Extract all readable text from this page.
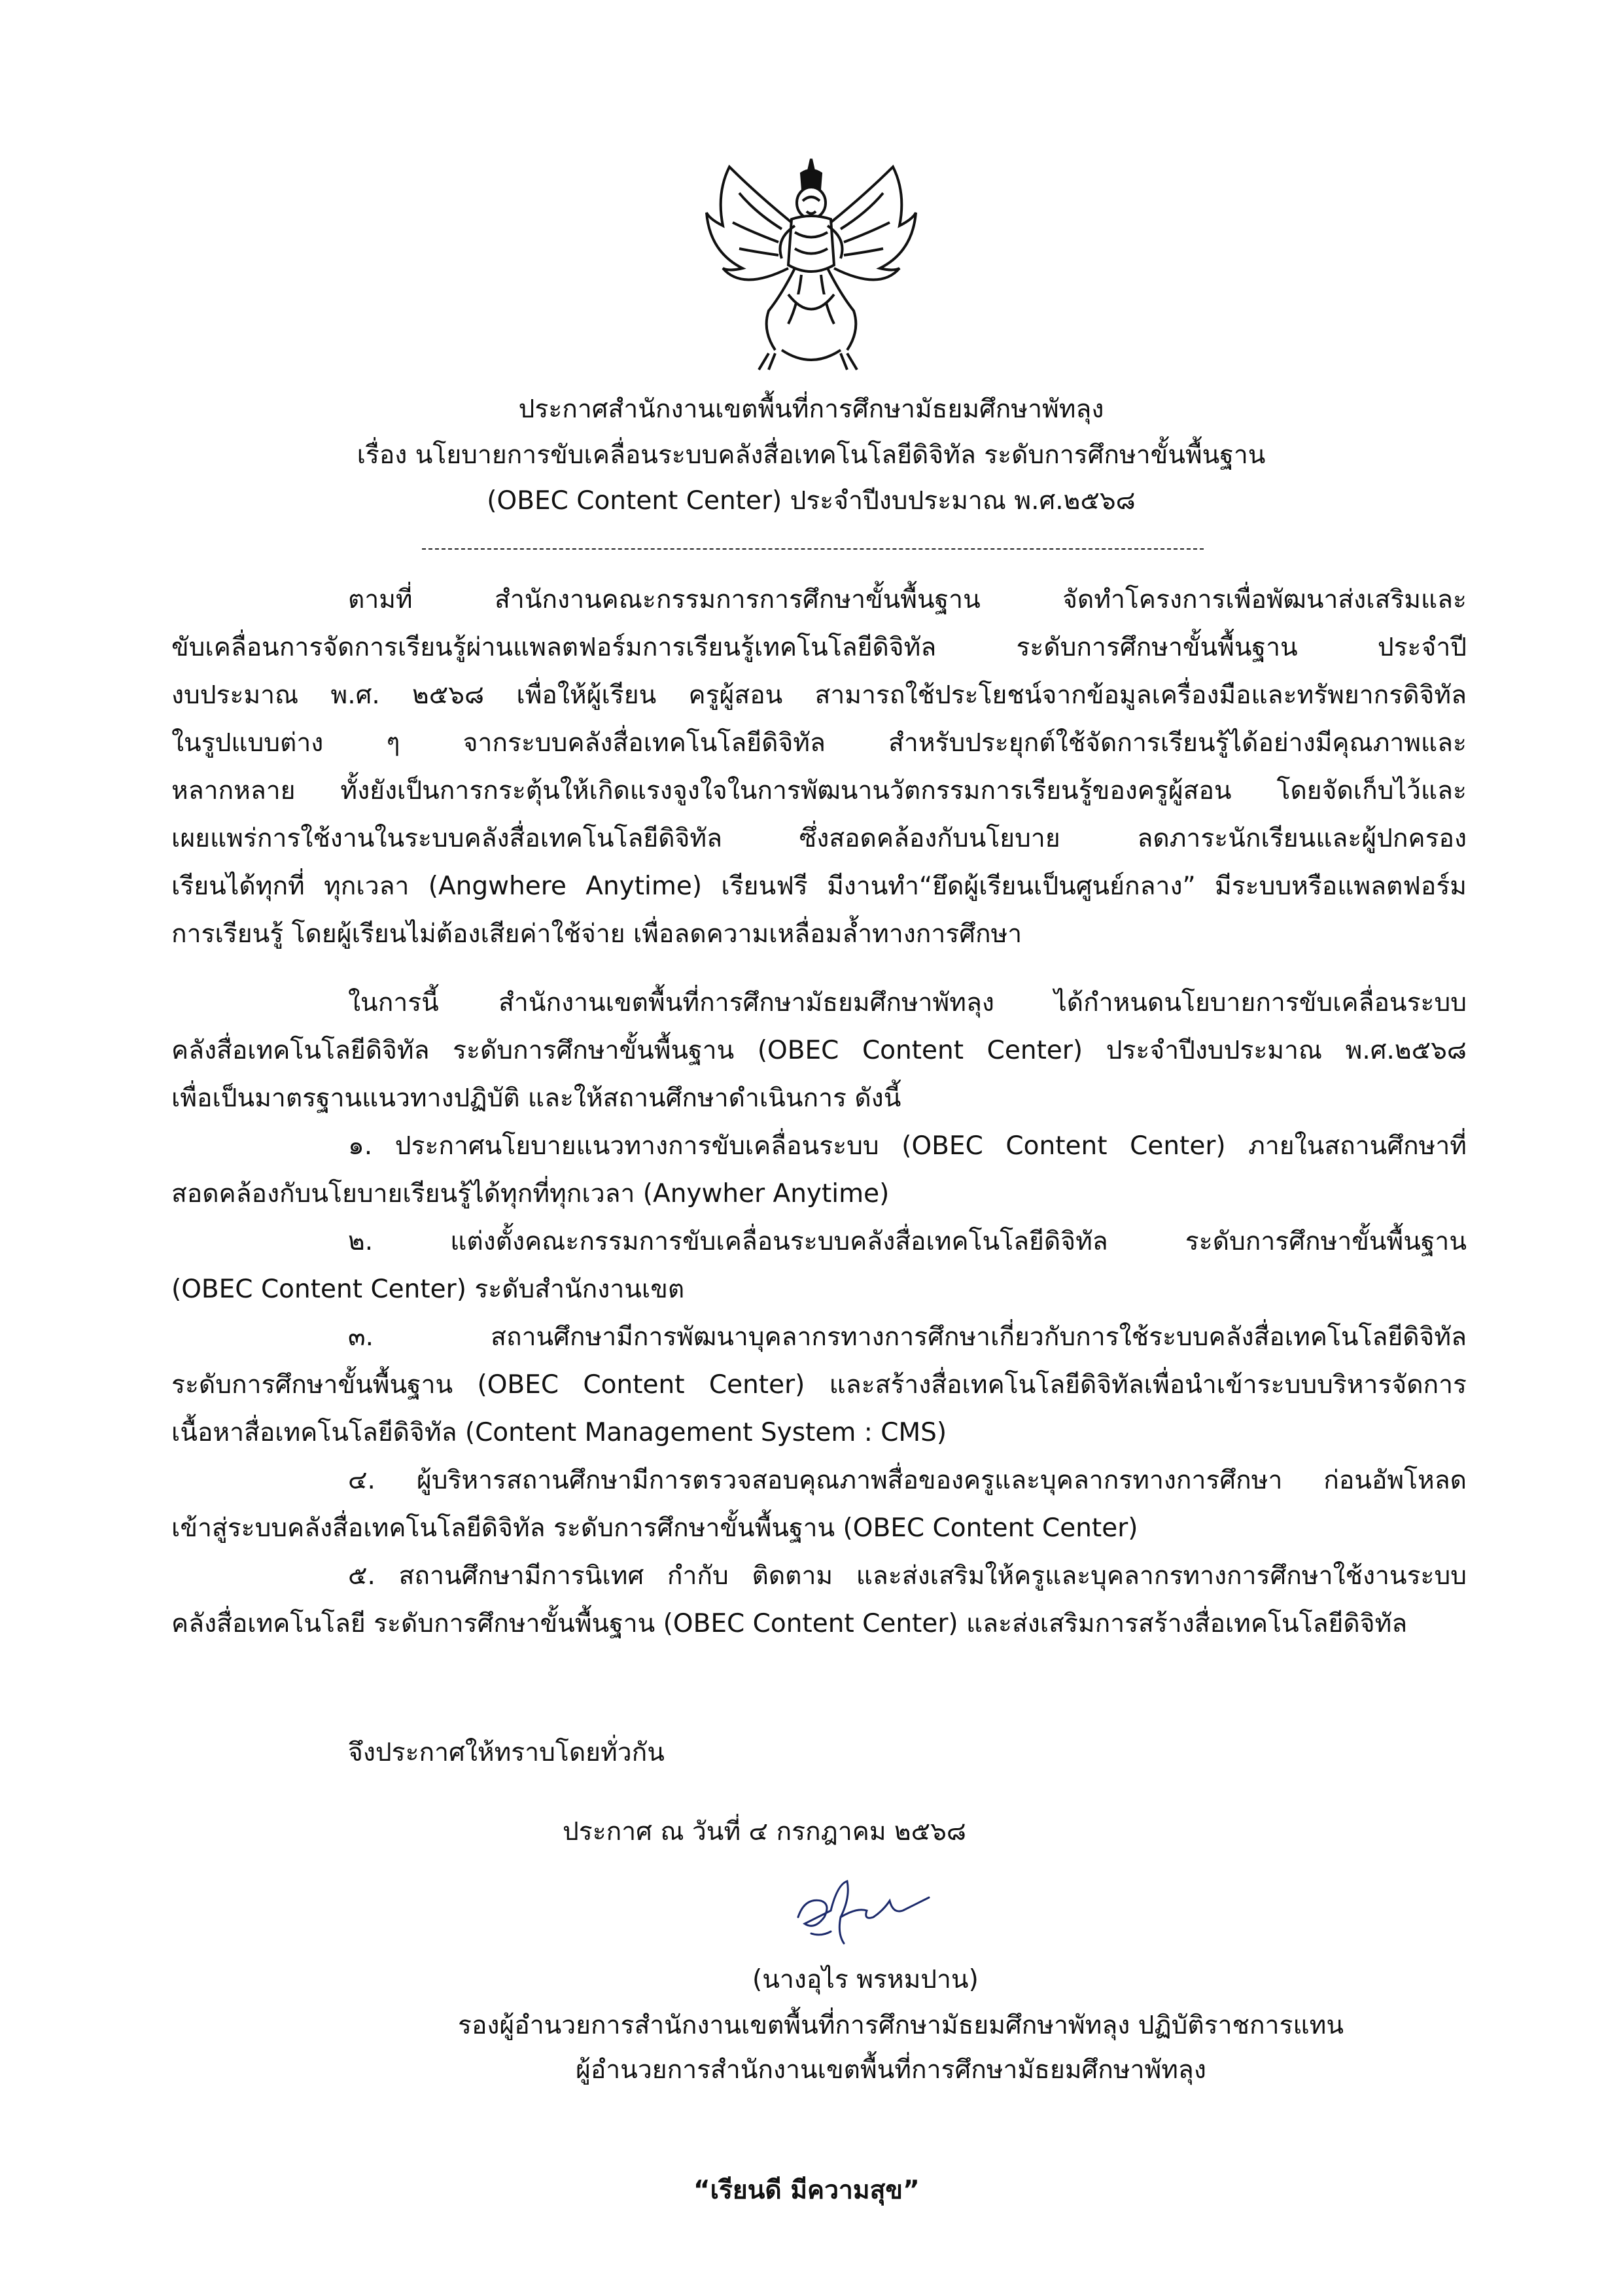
ประกาศสำนักงานเขตพื้นที่การศึกษามัธยมศึกษาพัทลุง
เรื่อง นโยบายการขับเคลื่อนระบบคลังสื่อเทคโนโลยีดิจิทัล ระดับการศึกษาขั้นพื้นฐาน
(OBEC Content Center) ประจำปีงบประมาณ พ.ศ.๒๕๖๘
ตามที่ สำนักงานคณะกรรมการการศึกษาขั้นพื้นฐาน จัดทำโครงการเพื่อพัฒนาส่งเสริมและ
ขับเคลื่อนการจัดการเรียนรู้ผ่านแพลตฟอร์มการเรียนรู้เทคโนโลยีดิจิทัล ระดับการศึกษาขั้นพื้นฐาน ประจำปี
งบประมาณ พ.ศ. ๒๕๖๘ เพื่อให้ผู้เรียน ครูผู้สอน สามารถใช้ประโยชน์จากข้อมูลเครื่องมือและทรัพยากรดิจิทัล
ในรูปแบบต่าง ๆ จากระบบคลังสื่อเทคโนโลยีดิจิทัล สำหรับประยุกต์ใช้จัดการเรียนรู้ได้อย่างมีคุณภาพและ
หลากหลาย ทั้งยังเป็นการกระตุ้นให้เกิดแรงจูงใจในการพัฒนานวัตกรรมการเรียนรู้ของครูผู้สอน โดยจัดเก็บไว้และ
เผยแพร่การใช้งานในระบบคลังสื่อเทคโนโลยีดิจิทัล ซึ่งสอดคล้องกับนโยบาย ลดภาระนักเรียนและผู้ปกครอง
เรียนได้ทุกที่ ทุกเวลา (Angwhere Anytime) เรียนฟรี มีงานทำ“ยึดผู้เรียนเป็นศูนย์กลาง” มีระบบหรือแพลตฟอร์ม
การเรียนรู้ โดยผู้เรียนไม่ต้องเสียค่าใช้จ่าย เพื่อลดความเหลื่อมล้ำทางการศึกษา
ในการนี้ สำนักงานเขตพื้นที่การศึกษามัธยมศึกษาพัทลุง ได้กำหนดนโยบายการขับเคลื่อนระบบ
คลังสื่อเทคโนโลยีดิจิทัล ระดับการศึกษาขั้นพื้นฐาน (OBEC Content Center) ประจำปีงบประมาณ พ.ศ.๒๕๖๘
เพื่อเป็นมาตรฐานแนวทางปฏิบัติ และให้สถานศึกษาดำเนินการ ดังนี้
๑. ประกาศนโยบายแนวทางการขับเคลื่อนระบบ (OBEC Content Center) ภายในสถานศึกษาที่
สอดคล้องกับนโยบายเรียนรู้ได้ทุกที่ทุกเวลา (Anywher Anytime)
๒. แต่งตั้งคณะกรรมการขับเคลื่อนระบบคลังสื่อเทคโนโลยีดิจิทัล ระดับการศึกษาขั้นพื้นฐาน
(OBEC Content Center) ระดับสำนักงานเขต
๓. สถานศึกษามีการพัฒนาบุคลากรทางการศึกษาเกี่ยวกับการใช้ระบบคลังสื่อเทคโนโลยีดิจิทัล
ระดับการศึกษาขั้นพื้นฐาน (OBEC Content Center) และสร้างสื่อเทคโนโลยีดิจิทัลเพื่อนำเข้าระบบบริหารจัดการ
เนื้อหาสื่อเทคโนโลยีดิจิทัล (Content Management System : CMS)
๔. ผู้บริหารสถานศึกษามีการตรวจสอบคุณภาพสื่อของครูและบุคลากรทางการศึกษา ก่อนอัพโหลด
เข้าสู่ระบบคลังสื่อเทคโนโลยีดิจิทัล ระดับการศึกษาขั้นพื้นฐาน (OBEC Content Center)
๕. สถานศึกษามีการนิเทศ กำกับ ติดตาม และส่งเสริมให้ครูและบุคลากรทางการศึกษาใช้งานระบบ
คลังสื่อเทคโนโลยี ระดับการศึกษาขั้นพื้นฐาน (OBEC Content Center) และส่งเสริมการสร้างสื่อเทคโนโลยีดิจิทัล
จึงประกาศให้ทราบโดยทั่วกัน
ประกาศ ณ วันที่ ๔ กรกฎาคม ๒๕๖๘
(นางอุไร พรหมปาน)
รองผู้อำนวยการสำนักงานเขตพื้นที่การศึกษามัธยมศึกษาพัทลุง ปฏิบัติราชการแทน
ผู้อำนวยการสำนักงานเขตพื้นที่การศึกษามัธยมศึกษาพัทลุง
“เรียนดี มีความสุข”
